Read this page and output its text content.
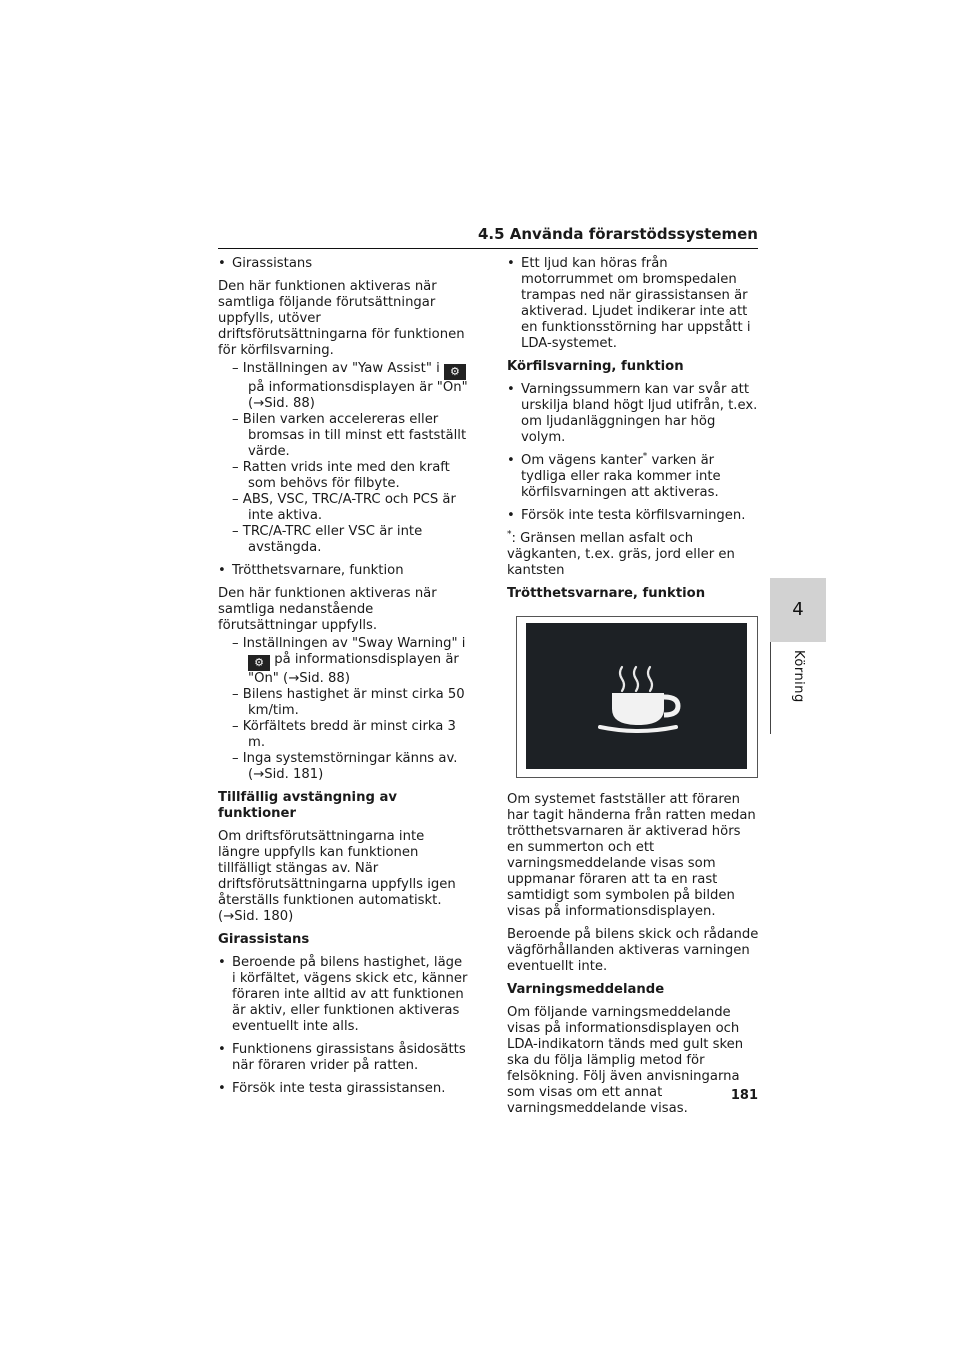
4.5 Använda förarstödssystemen
• Girassistans

Den här funktionen aktiveras när samtliga följande förutsättningar uppfylls, utöver driftsförutsättningarna för funktionen för körfilsvarning.

– Inställningen av "Yaw Assist" i ⚙ på informationsdisplayen är "On" (→Sid. 88)
– Bilen varken accelereras eller bromsas in till minst ett fastställt värde.
– Ratten vrids inte med den kraft som behövs för filbyte.
– ABS, VSC, TRC/A-TRC och PCS är inte aktiva.
– TRC/A-TRC eller VSC är inte avstängda.
• Trötthetsvarnare, funktion

Den här funktionen aktiveras när samtliga nedanstående förutsättningar uppfylls.

– Inställningen av "Sway Warning" i
⚙ på informationsdisplayen är "On" (→Sid. 88)
– Bilens hastighet är minst cirka 50 km/tim.
– Körfältets bredd är minst cirka 3 m.
– Inga systemstörningar känns av. (→Sid. 181)
Tillfällig avstängning av funktioner

Om driftsförutsättningarna inte längre uppfylls kan funktionen tillfälligt stängas av. När driftsförutsättningarna uppfylls igen återställs funktionen automatiskt. (→Sid. 180)

Girassistans
• Beroende på bilens hastighet, läge i körfältet, vägens skick etc, känner föraren inte alltid av att funktionen är aktiv, eller funktionen aktiveras eventuellt inte alls.
• Funktionens girassistans åsidosätts när föraren vrider på ratten.
• Försök inte testa girassistansen.
• Ett ljud kan höras från motorrummet om bromspedalen trampas ned när girassistansen är aktiverad. Ljudet indikerar inte att en funktionsstörning har uppstått i LDA-systemet.
Körfilsvarning, funktion
• Varningssummern kan var svår att urskilja bland högt ljud utifrån, t.ex. om ljudanläggningen har hög volym.
• Om vägens kanter* varken är tydliga eller raka kommer inte körfilsvarningen att aktiveras.
• Försök inte testa körfilsvarningen.

*: Gränsen mellan asfalt och vägkanten, t.ex. gräs, jord eller en kantsten

Trötthetsvarnare, funktion

Om systemet fastställer att föraren har tagit händerna från ratten medan trötthetsvarnaren är aktiverad hörs en summerton och ett varningsmeddelande visas som uppmanar föraren att ta en rast samtidigt som symbolen på bilden visas på informationsdisplayen.

Beroende på bilens skick och rådande vägförhållanden aktiveras varningen eventuellt inte.

Varningsmeddelande

Om följande varningsmeddelande visas på informationsdisplayen och LDA-indikatorn tänds med gult sken ska du följa lämplig metod för felsökning. Följ även anvisningarna som visas om ett annat varningsmeddelande visas.

4
Körning
181
